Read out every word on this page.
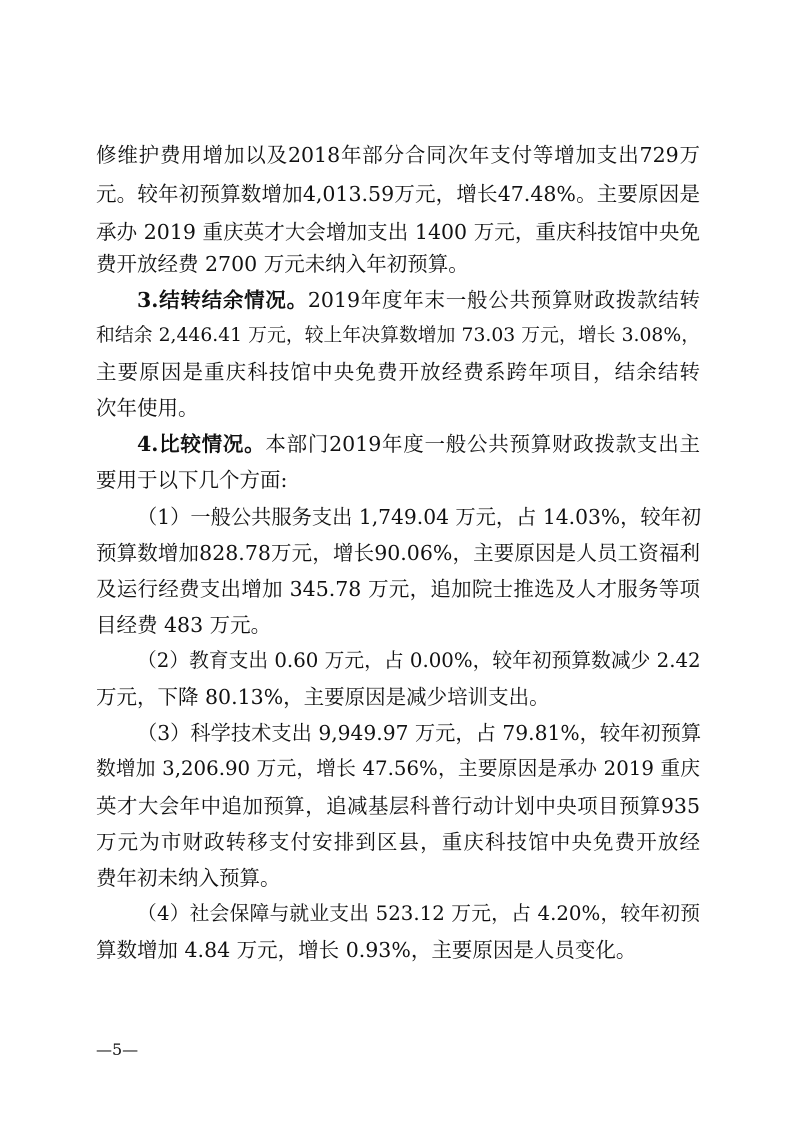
修维护费用增加以及2018年部分合同次年支付等增加支出729万
元。较年初预算数增加4,013.59万元，增长47.48%。主要原因是
承办 2019 重庆英才大会增加支出 1400 万元，重庆科技馆中央免
费开放经费 2700 万元未纳入年初预算。
3.结转结余情况。2019年度年末一般公共预算财政拨款结转
和结余 2,446.41 万元，较上年决算数增加 73.03 万元，增长 3.08%，
主要原因是重庆科技馆中央免费开放经费系跨年项目，结余结转
次年使用。
4.比较情况。本部门2019年度一般公共预算财政拨款支出主
要用于以下几个方面:
（1）一般公共服务支出 1,749.04 万元，占 14.03%，较年初
预算数增加828.78万元，增长90.06%，主要原因是人员工资福利
及运行经费支出增加 345.78 万元，追加院士推选及人才服务等项
目经费 483 万元。
（2）教育支出 0.60 万元，占 0.00%，较年初预算数减少 2.42
万元，下降 80.13%，主要原因是减少培训支出。
（3）科学技术支出 9,949.97 万元，占 79.81%，较年初预算
数增加 3,206.90 万元，增长 47.56%，主要原因是承办 2019 重庆
英才大会年中追加预算，追减基层科普行动计划中央项目预算935
万元为市财政转移支付安排到区县，重庆科技馆中央免费开放经
费年初未纳入预算。
（4）社会保障与就业支出 523.12 万元，占 4.20%，较年初预
算数增加 4.84 万元，增长 0.93%，主要原因是人员变化。
—5—
